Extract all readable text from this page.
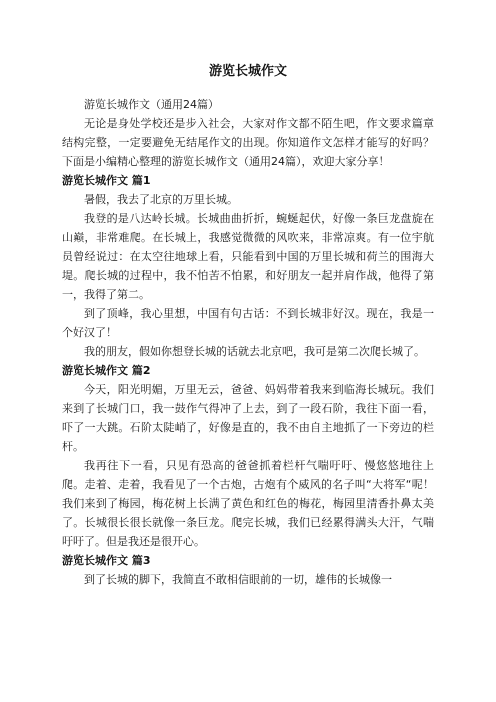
游览长城作文

游览长城作文（通用24篇）

无论是身处学校还是步入社会，大家对作文都不陌生吧，作文要求篇章结构完整，一定要避免无结尾作文的出现。你知道作文怎样才能写的好吗？下面是小编精心整理的游览长城作文（通用24篇），欢迎大家分享！

游览长城作文 篇1

暑假，我去了北京的万里长城。

我登的是八达岭长城。长城曲曲折折，蜿蜒起伏，好像一条巨龙盘旋在山巅，非常难爬。在长城上，我感觉微微的风吹来，非常凉爽。有一位宇航员曾经说过：在太空往地球上看，只能看到中国的万里长城和荷兰的围海大堤。爬长城的过程中，我不怕苦不怕累，和好朋友一起并肩作战，他得了第一，我得了第二。

到了顶峰，我心里想，中国有句古话：不到长城非好汉。现在，我是一个好汉了！

我的朋友，假如你想登长城的话就去北京吧，我可是第二次爬长城了。

游览长城作文 篇2

今天，阳光明媚，万里无云，爸爸、妈妈带着我来到临海长城玩。我们来到了长城门口，我一鼓作气得冲了上去，到了一段石阶，我往下面一看，吓了一大跳。石阶太陡峭了，好像是直的，我不由自主地抓了一下旁边的栏杆。

我再往下一看，只见有恐高的爸爸抓着栏杆气喘吁吁、慢悠悠地往上爬。走着、走着，我看见了一个古炮，古炮有个威风的名子叫“大将军“呢！我们来到了梅园，梅花树上长满了黄色和红色的梅花，梅园里清香扑鼻太美了。长城很长很长就像一条巨龙。爬完长城，我们已经累得满头大汗，气喘吁吁了。但是我还是很开心。

游览长城作文 篇3

到了长城的脚下，我简直不敢相信眼前的一切，雄伟的长城像一
